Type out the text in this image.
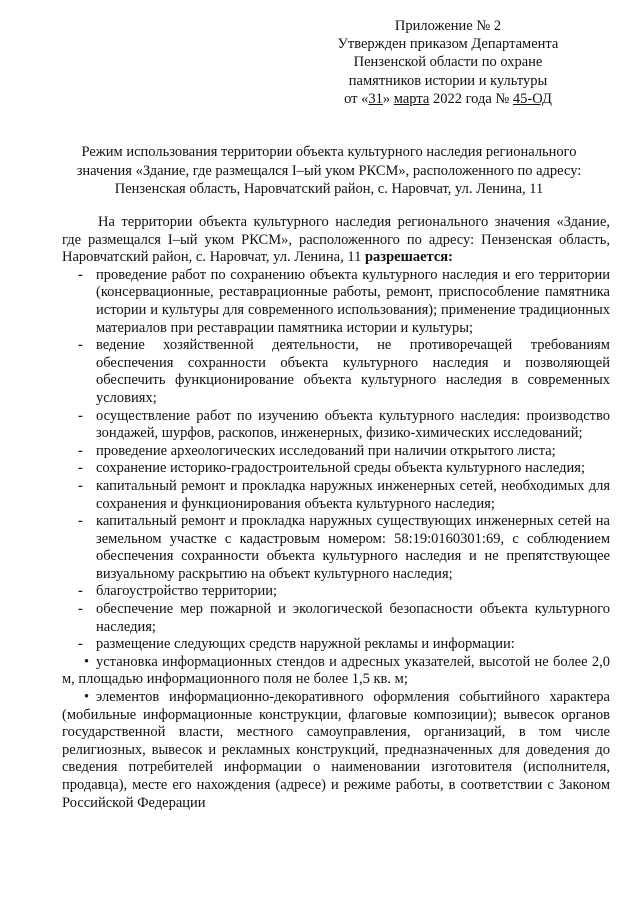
Приложение № 2
Утвержден приказом Департамента
Пензенской области по охране
памятников истории и культуры
от «31» марта 2022 года № 45-ОД
Режим использования территории объекта культурного наследия регионального
значения «Здание, где размещался I–ый уком РКСМ», расположенного по адресу:
Пензенская область, Наровчатский район, с. Наровчат, ул. Ленина, 11

На территории объекта культурного наследия регионального значения «Здание, где размещался I–ый уком РКСМ», расположенного по адресу: Пензенская область, Наровчатский район, с. Наровчат, ул. Ленина, 11 разрешается:

- проведение работ по сохранению объекта культурного наследия и его территории (консервационные, реставрационные работы, ремонт, приспособление памятника истории и культуры для современного использования); применение традиционных материалов при реставрации памятника истории и культуры;
- ведение хозяйственной деятельности, не противоречащей требованиям обеспечения сохранности объекта культурного наследия и позволяющей обеспечить функционирование объекта культурного наследия в современных условиях;
- осуществление работ по изучению объекта культурного наследия: производство зондажей, шурфов, раскопов, инженерных, физико-химических исследований;
- проведение археологических исследований при наличии открытого листа;
- сохранение историко-градостроительной среды объекта культурного наследия;
- капитальный ремонт и прокладка наружных инженерных сетей, необходимых для сохранения и функционирования объекта культурного наследия;
- капитальный ремонт и прокладка наружных существующих инженерных сетей на земельном участке с кадастровым номером: 58:19:0160301:69, с соблюдением обеспечения сохранности объекта культурного наследия и не препятствующее визуальному раскрытию на объект культурного наследия;
- благоустройство территории;
- обеспечение мер пожарной и экологической безопасности объекта культурного наследия;
- размещение следующих средств наружной рекламы и информации:

• установка информационных стендов и адресных указателей, высотой не более 2,0 м, площадью информационного поля не более 1,5 кв. м;

• элементов информационно-декоративного оформления событийного характера (мобильные информационные конструкции, флаговые композиции); вывесок органов государственной власти, местного самоуправления, организаций, в том числе религиозных, вывесок и рекламных конструкций, предназначенных для доведения до сведения потребителей информации о наименовании изготовителя (исполнителя, продавца), месте его нахождения (адресе) и режиме работы, в соответствии с Законом Российской Федерации
